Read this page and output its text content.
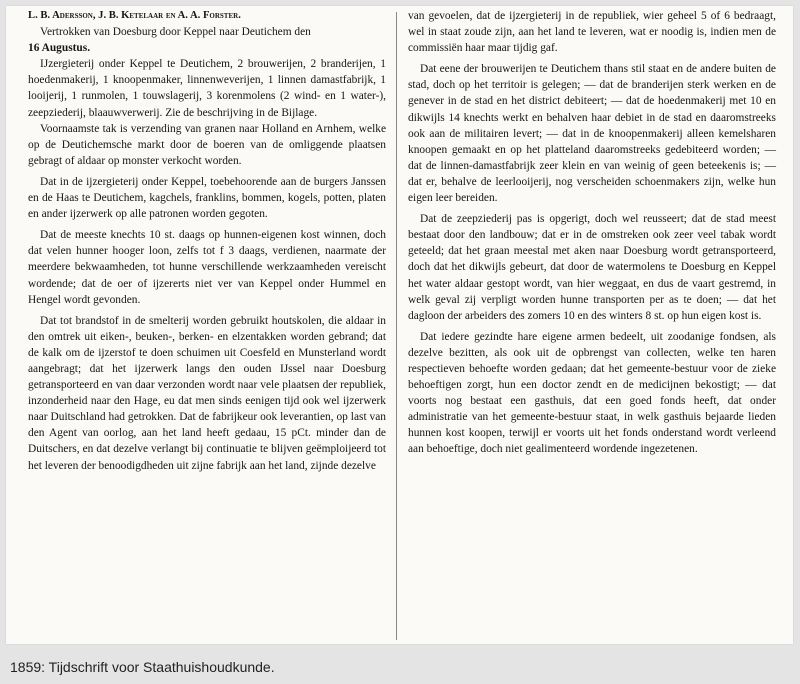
L. B. Adersson, J. B. Ketelaar en A. A. Forster.

Vertrokken van Doesburg door Keppel naar Deutichem den

16 Augustus.

IJzergieterij onder Keppel te Deutichem, 2 brouwerijen, 2 branderijen, 1 hoedenmakerij, 1 knoopenmaker, linnenweverijen, 1 linnen damastfabrijk, 1 looijerij, 1 runmolen, 1 touwslagerij, 3 korenmolens (2 wind- en 1 water-), zeepziederij, blaauwverwerij. Zie de beschrijving in de Bijlage.

Voornaamste tak is verzending van granen naar Holland en Arnhem, welke op de Deutichemsche markt door de boeren van de omliggende plaatsen gebragt of aldaar op monster verkocht worden.

Dat in de ijzergieterij onder Keppel, toebehoorende aan de burgers Janssen en de Haas te Deutichem, kagchels, franklins, bommen, kogels, potten, platen en ander ijzerwerk op alle patronen worden gegoten.

Dat de meeste knechts 10 st. daags op hunnen-eigenen kost winnen, doch dat velen hunner hooger loon, zelfs tot f 3 daags, verdienen, naarmate der meerdere bekwaamheden, tot hunne verschillende werkzaamheden vereischt wordende; dat de oer of ijzererts niet ver van Keppel onder Hummel en Hengel wordt gevonden.

Dat tot brandstof in de smelterij worden gebruikt houtskolen, die aldaar in den omtrek uit eiken-, beuken-, berken- en elzentakken worden gebrand; dat de kalk om de ijzerstof te doen schuimen uit Coesfeld en Munsterland wordt aangebragt; dat het ijzerwerk langs den ouden IJssel naar Doesburg getransporteerd en van daar verzonden wordt naar vele plaatsen der republiek, inzonderheid naar den Hage, eu dat men sinds eenigen tijd ook wel ijzerwerk naar Duitschland had getrokken. Dat de fabrijkeur ook leverantien, op last van den Agent van oorlog, aan het land heeft gedaau, 15 pCt. minder dan de Duitschers, en dat dezelve verlangt bij continuatie te blijven geëmploijeerd tot het leveren der benoodigdheden uit zijne fabrijk aan het land, zijnde dezelve

van gevoelen, dat de ijzergieterij in de republiek, wier geheel 5 of 6 bedraagt, wel in staat zoude zijn, aan het land te leveren, wat er noodig is, indien men de commissiën haar maar tijdig gaf.

Dat eene der brouwerijen te Deutichem thans stil staat en de andere buiten de stad, doch op het territoir is gelegen; — dat de branderijen sterk werken en de genever in de stad en het district debiteert; — dat de hoedenmakerij met 10 en dikwijls 14 knechts werkt en behalven haar debiet in de stad en daaromstreeks ook aan de militairen levert; — dat in de knoopenmakerij alleen kemelsharen knoopen gemaakt en op het platteland daaromstreeks gedebiteerd worden; — dat de linnen-damastfabrijk zeer klein en van weinig of geen beteekenis is; — dat er, behalve de leerlooijerij, nog verscheiden schoenmakers zijn, welke hun eigen leer bereiden.

Dat de zeepziederij pas is opgerigt, doch wel reusseert; dat de stad meest bestaat door den landbouw; dat er in de omstreken ook zeer veel tabak wordt geteeld; dat het graan meestal met aken naar Doesburg wordt getransporteerd, doch dat het dikwijls gebeurt, dat door de watermolens te Doesburg en Keppel het water aldaar gestopt wordt, van hier weggaat, en dus de vaart gestremd, in welk geval zij verpligt worden hunne transporten per as te doen; — dat het dagloon der arbeiders des zomers 10 en des winters 8 st. op hun eigen kost is.

Dat iedere gezindte hare eigene armen bedeelt, uit zoodanige fondsen, als dezelve bezitten, als ook uit de opbrengst van collecten, welke ten haren respectieven behoefte worden gedaan; dat het gemeente-bestuur voor de zieke behoeftigen zorgt, hun een doctor zendt en de medicijnen bekostigt; — dat voorts nog bestaat een gasthuis, dat een goed fonds heeft, dat onder administratie van het gemeente-bestuur staat, in welk gasthuis bejaarde lieden hunnen kost koopen, terwijl er voorts uit het fonds onderstand wordt verleend aan behoeftige, doch niet gealimenteerd wordende ingezetenen.

1859: Tijdschrift voor Staathuishoudkunde.
